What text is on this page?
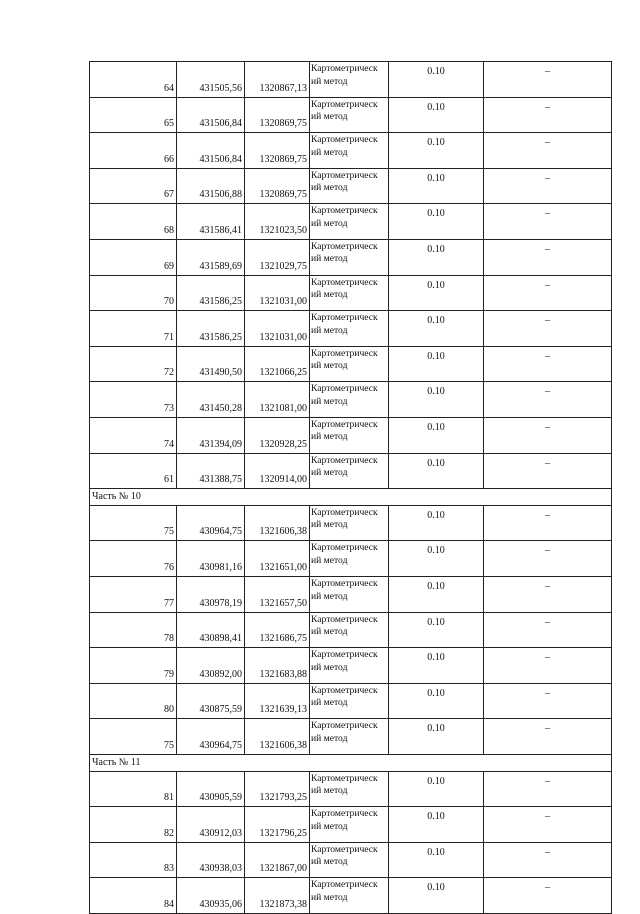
64	431505,56	1320867,13	Картометрическ ий метод	0.10	–
65	431506,84	1320869,75	Картометрическ ий метод	0.10	–
66	431506,84	1320869,75	Картометрическ ий метод	0.10	–
67	431506,88	1320869,75	Картометрическ ий метод	0.10	–
68	431586,41	1321023,50	Картометрическ ий метод	0.10	–
69	431589,69	1321029,75	Картометрическ ий метод	0.10	–
70	431586,25	1321031,00	Картометрическ ий метод	0.10	–
71	431586,25	1321031,00	Картометрическ ий метод	0.10	–
72	431490,50	1321066,25	Картометрическ ий метод	0.10	–
73	431450,28	1321081,00	Картометрическ ий метод	0.10	–
74	431394,09	1320928,25	Картометрическ ий метод	0.10	–
61	431388,75	1320914,00	Картометрическ ий метод	0.10	–
Часть № 10					
75	430964,75	1321606,38	Картометрическ ий метод	0.10	–
76	430981,16	1321651,00	Картометрическ ий метод	0.10	–
77	430978,19	1321657,50	Картометрическ ий метод	0.10	–
78	430898,41	1321686,75	Картометрическ ий метод	0.10	–
79	430892,00	1321683,88	Картометрическ ий метод	0.10	–
80	430875,59	1321639,13	Картометрическ ий метод	0.10	–
75	430964,75	1321606,38	Картометрическ ий метод	0.10	–
Часть № 11					
81	430905,59	1321793,25	Картометрическ ий метод	0.10	–
82	430912,03	1321796,25	Картометрическ ий метод	0.10	–
83	430938,03	1321867,00	Картометрическ ий метод	0.10	–
84	430935,06	1321873,38	Картометрическ ий метод	0.10	–
